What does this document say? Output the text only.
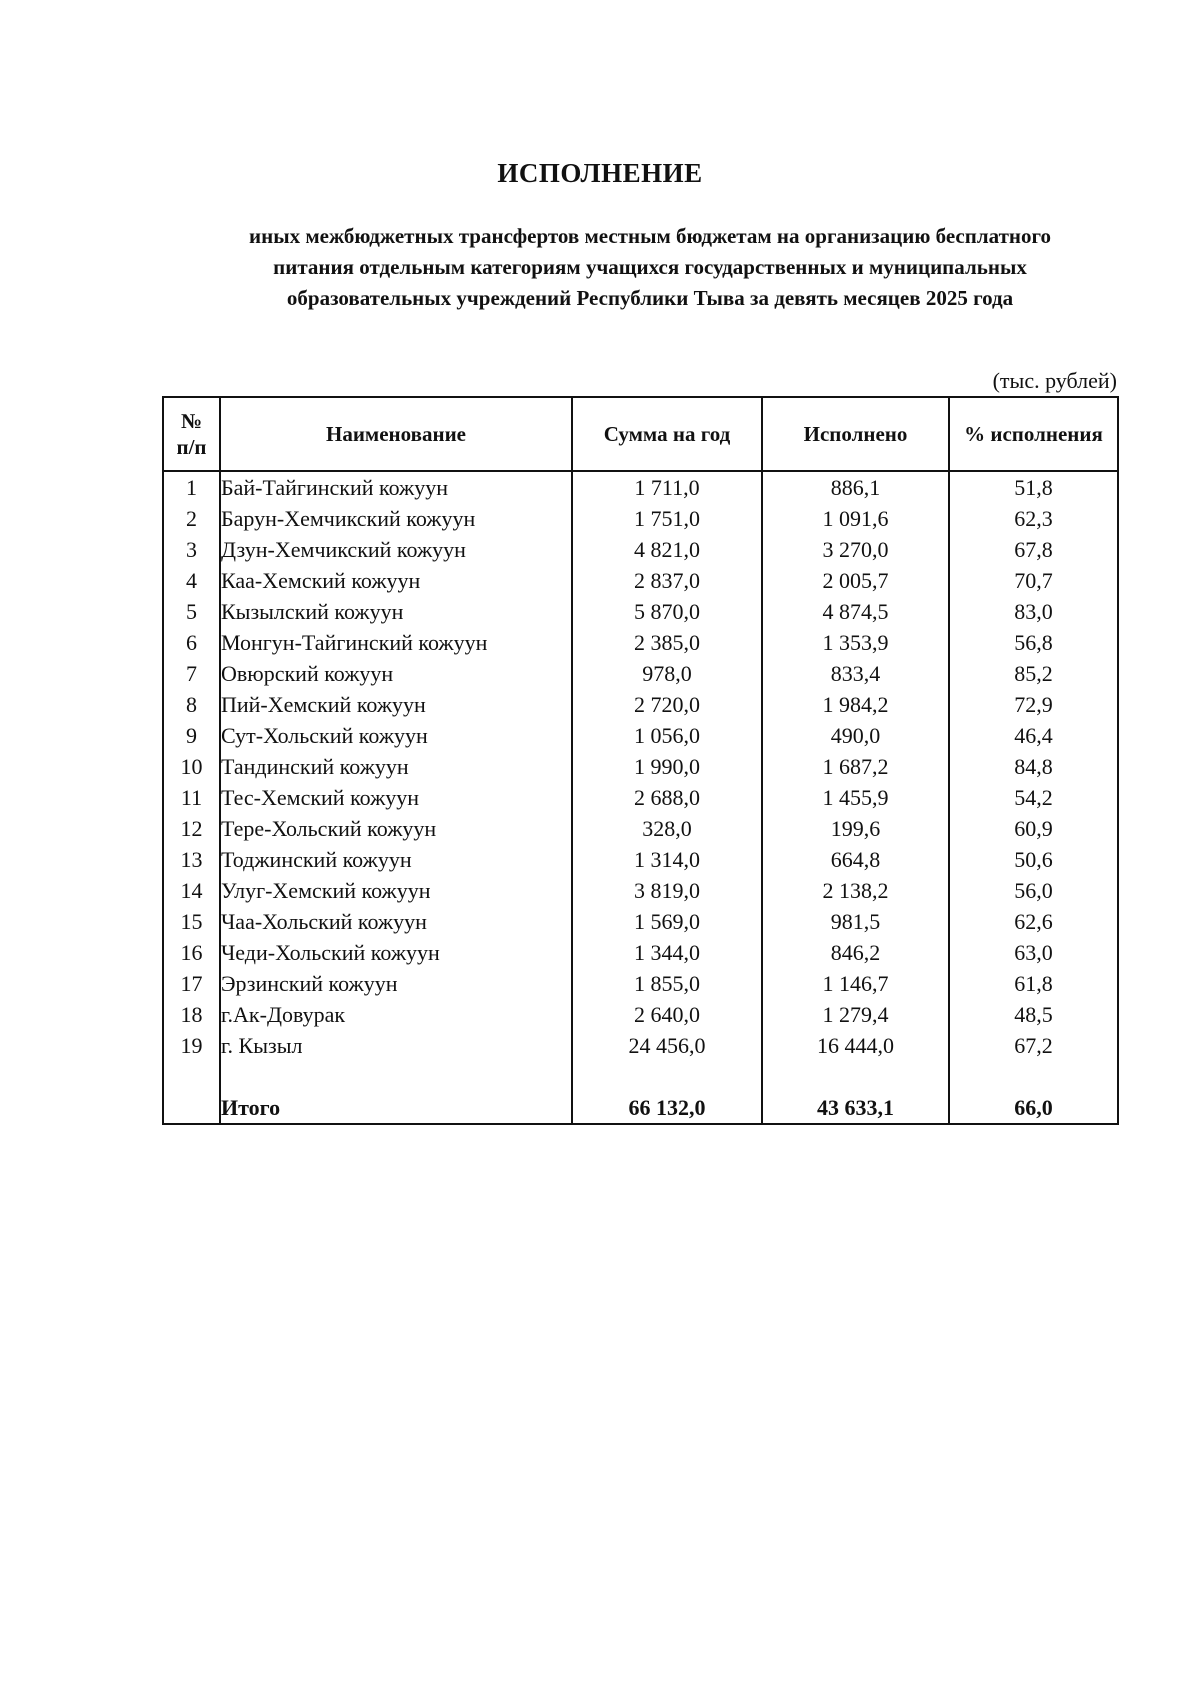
ИСПОЛНЕНИЕ
иных межбюджетных трансфертов местным бюджетам на организацию бесплатного
питания отдельным категориям учащихся государственных и муниципальных
образовательных учреждений Республики Тыва за девять месяцев 2025 года
(тыс. рублей)
№
п/п	Наименование	Сумма на год	Исполнено	% исполнения
1	Бай-Тайгинский кожуун	1 711,0	886,1	51,8
2	Барун-Хемчикский кожуун	1 751,0	1 091,6	62,3
3	Дзун-Хемчикский кожуун	4 821,0	3 270,0	67,8
4	Каа-Хемский кожуун	2 837,0	2 005,7	70,7
5	Кызылский кожуун	5 870,0	4 874,5	83,0
6	Монгун-Тайгинский кожуун	2 385,0	1 353,9	56,8
7	Овюрский кожуун	978,0	833,4	85,2
8	Пий-Хемский кожуун	2 720,0	1 984,2	72,9
9	Сут-Хольский кожуун	1 056,0	490,0	46,4
10	Тандинский кожуун	1 990,0	1 687,2	84,8
11	Тес-Хемский кожуун	2 688,0	1 455,9	54,2
12	Тере-Хольский кожуун	328,0	199,6	60,9
13	Тоджинский кожуун	1 314,0	664,8	50,6
14	Улуг-Хемский кожуун	3 819,0	2 138,2	56,0
15	Чаа-Хольский кожуун	1 569,0	981,5	62,6
16	Чеди-Хольский кожуун	1 344,0	846,2	63,0
17	Эрзинский кожуун	1 855,0	1 146,7	61,8
18	г.Ак-Довурак	2 640,0	1 279,4	48,5
19	г. Кызыл	24 456,0	16 444,0	67,2

	Итого	66 132,0	43 633,1	66,0
